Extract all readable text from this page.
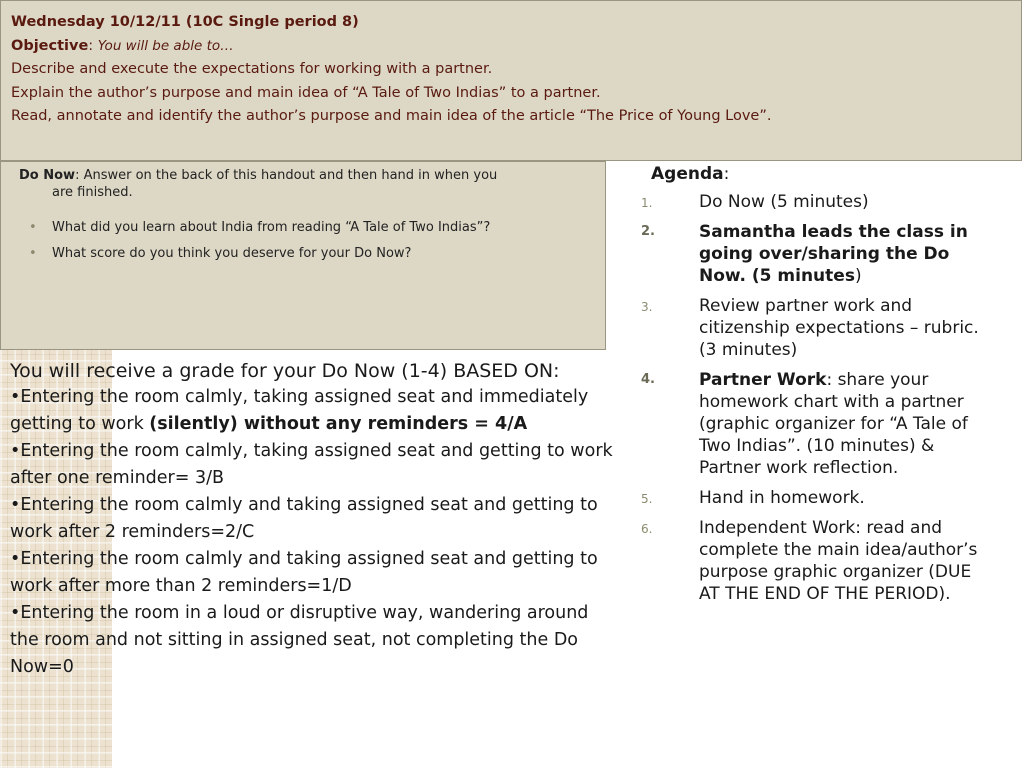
Wednesday 10/12/11 (10C Single period 8)

Objective: You will be able to…

Describe and execute the expectations for working with a partner.

Explain the author’s purpose and main idea of “A Tale of Two Indias” to a partner.

Read, annotate and identify the author’s purpose and main idea of the article “The Price of Young Love”.

Do Now: Answer on the back of this handout and then hand in when you
are finished.
• What did you learn about India from reading “A Tale of Two Indias”?
• What score do you think you deserve for your Do Now?

You will receive a grade for your Do Now (1-4) BASED ON:

•Entering the room calmly, taking assigned seat and immediately getting to work (silently) without any reminders = 4/A

•Entering the room calmly, taking assigned seat and getting to work after one reminder= 3/B

•Entering the room calmly and taking assigned seat and getting to work after 2 reminders=2/C

•Entering the room calmly and taking assigned seat and getting to work after more than 2 reminders=1/D

•Entering the room in a loud or disruptive way, wandering around the room and not sitting in assigned seat, not completing the Do Now=0

Agenda:
1.	Do Now (5 minutes)
2.	Samantha leads the class in going over/sharing the Do Now. (5 minutes)
3.	Review partner work and citizenship expectations – rubric. (3 minutes)
4.	Partner Work: share your homework chart with a partner (graphic organizer for “A Tale of Two Indias”. (10 minutes) & Partner work reflection.
5.	Hand in homework.
6.	Independent Work: read and complete the main idea/author’s purpose graphic organizer (DUE AT THE END OF THE PERIOD).
